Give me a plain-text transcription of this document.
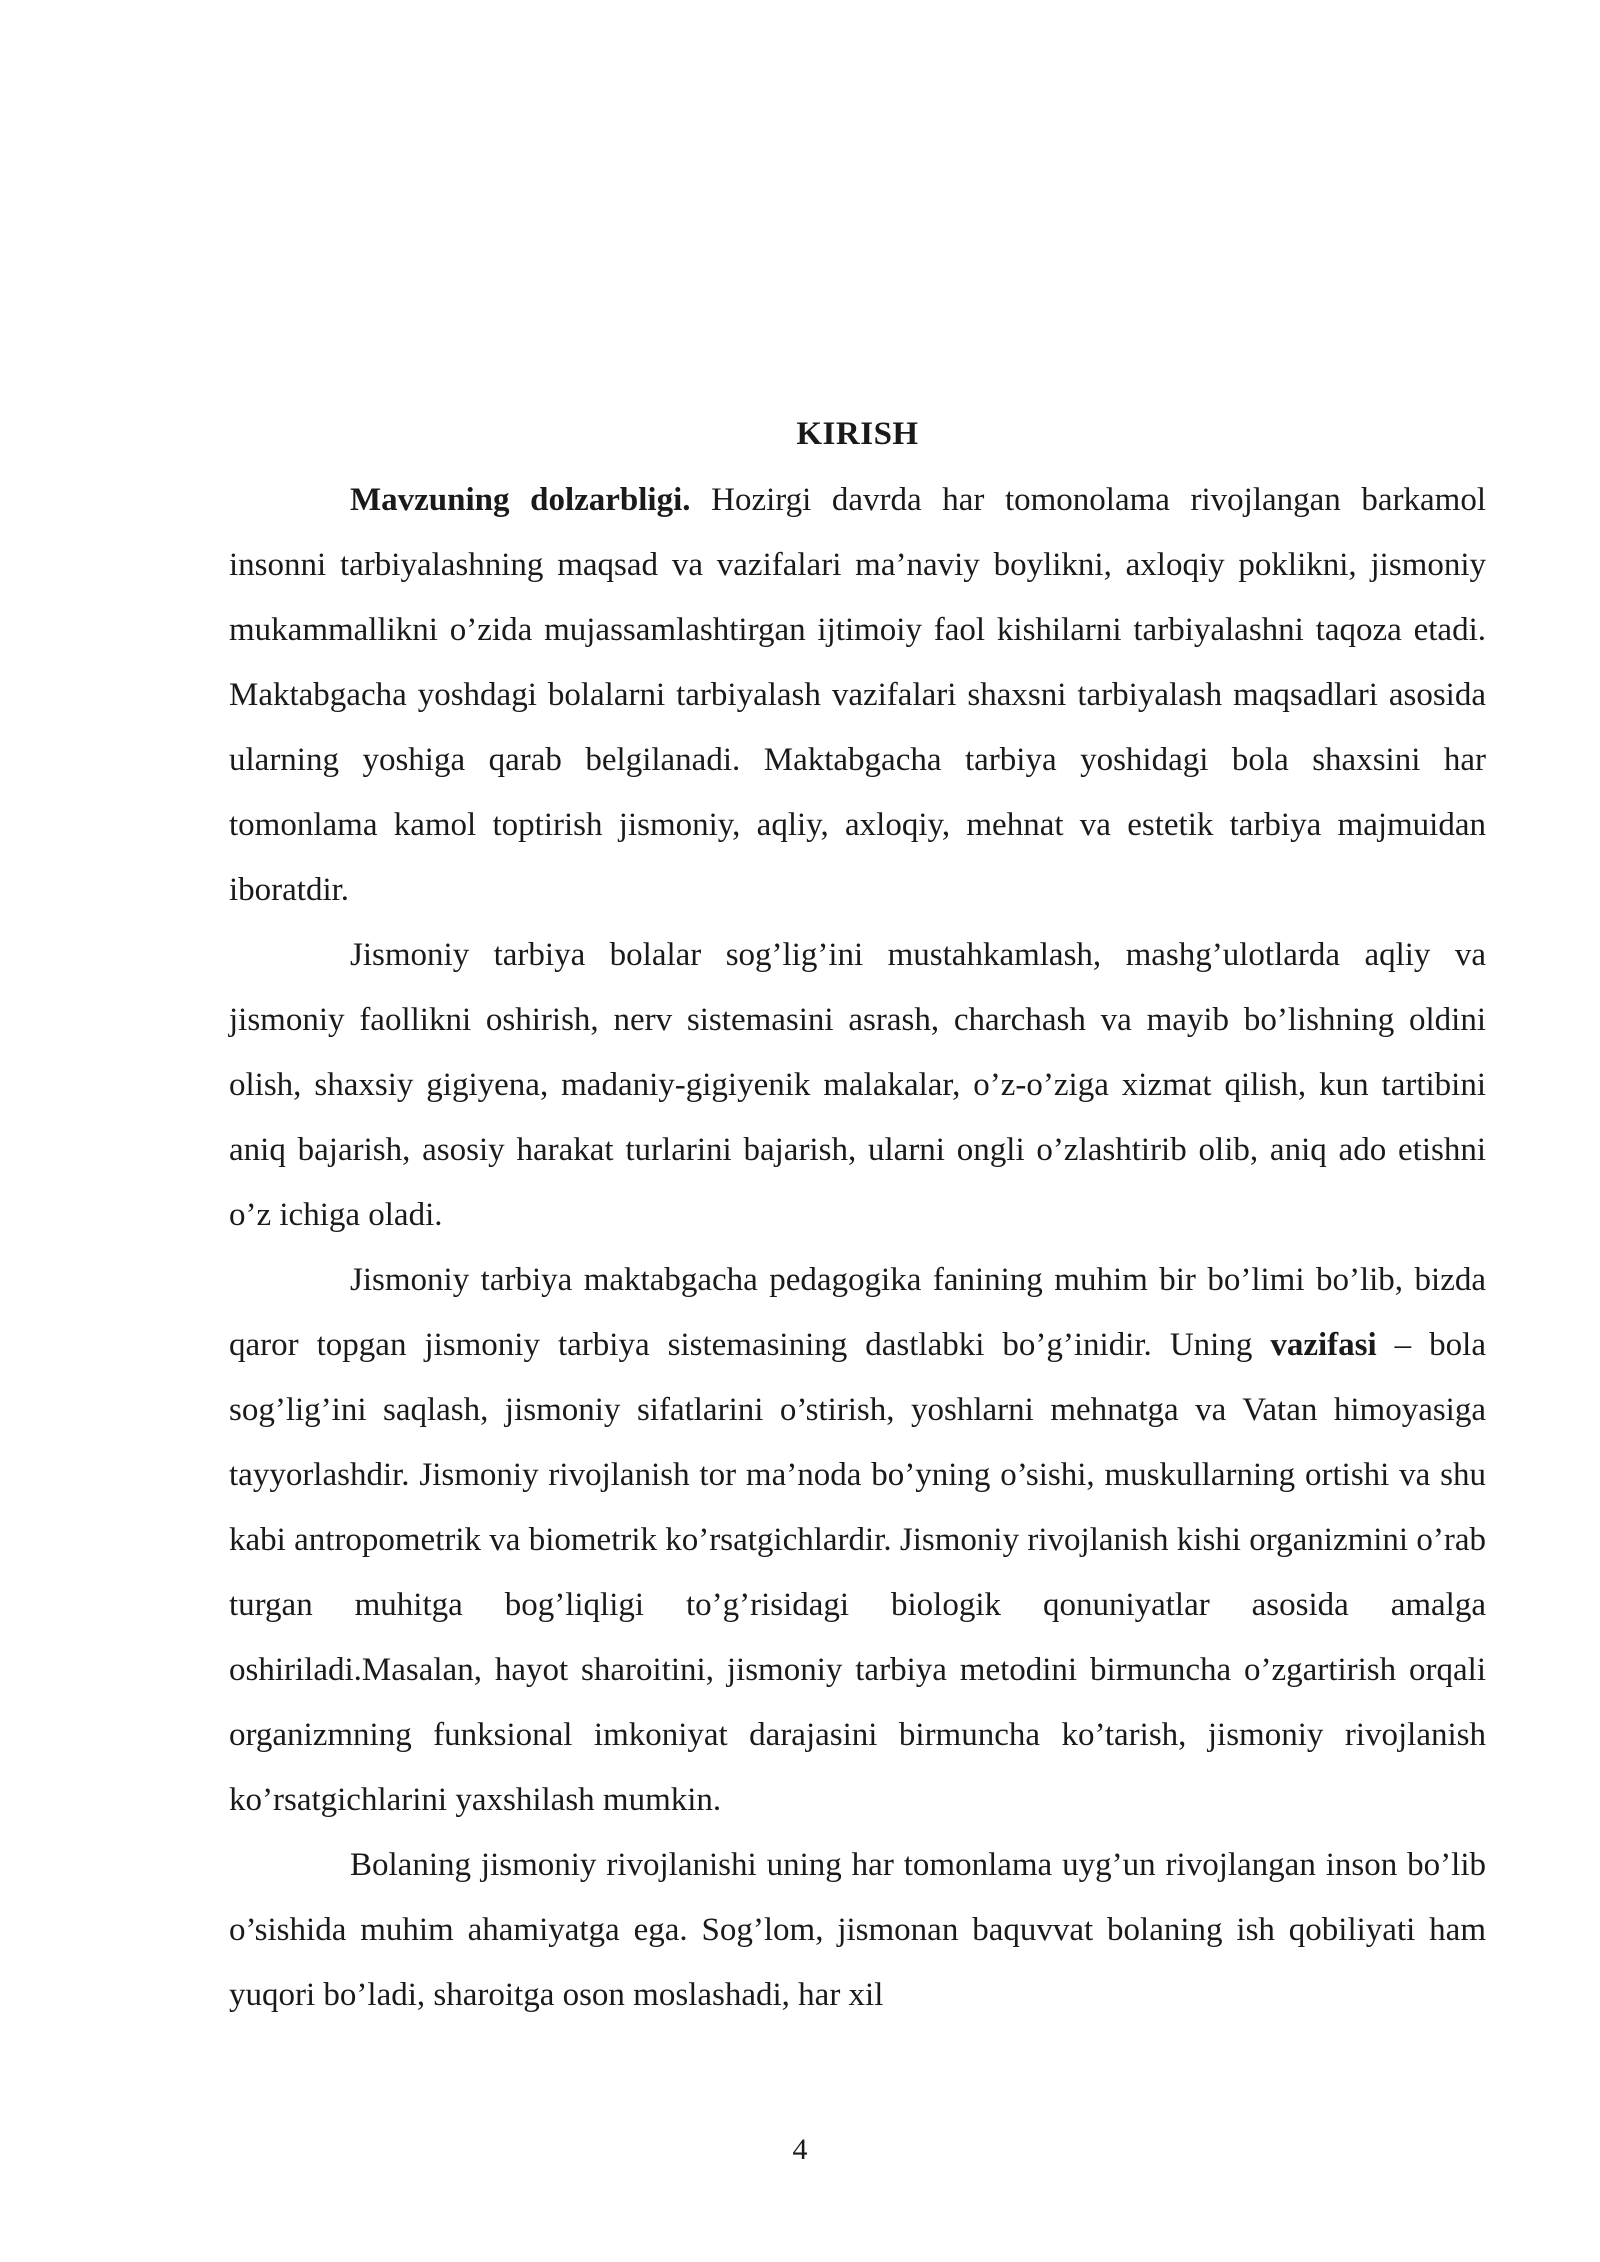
KIRISH

Mavzuning dolzarbligi. Hozirgi davrda har tomonolama rivojlangan barkamol insonni tarbiyalashning maqsad va vazifalari ma’naviy boylikni, axloqiy poklikni, jismoniy mukammallikni o’zida mujassamlashtirgan ijtimoiy faol kishilarni tarbiyalashni taqoza etadi. Maktabgacha yoshdagi bolalarni tarbiyalash vazifalari shaxsni tarbiyalash maqsadlari asosida ularning yoshiga qarab belgilanadi. Maktabgacha tarbiya yoshidagi bola shaxsini har tomonlama kamol toptirish jismoniy, aqliy, axloqiy, mehnat va estetik tarbiya majmuidan iboratdir.

Jismoniy tarbiya bolalar sog’lig’ini mustahkamlash, mashg’ulotlarda aqliy va jismoniy faollikni oshirish, nerv sistemasini asrash, charchash va mayib bo’lishning oldini olish, shaxsiy gigiyena, madaniy-gigiyenik malakalar, o’z-o’ziga xizmat qilish, kun tartibini aniq bajarish, asosiy harakat turlarini bajarish, ularni ongli o’zlashtirib olib, aniq ado etishni o’z ichiga oladi.

Jismoniy tarbiya maktabgacha pedagogika fanining muhim bir bo’limi bo’lib, bizda qaror topgan jismoniy tarbiya sistemasining dastlabki bo’g’inidir. Uning vazifasi – bola sog’lig’ini saqlash, jismoniy sifatlarini o’stirish, yoshlarni mehnatga va Vatan himoyasiga tayyorlashdir. Jismoniy rivojlanish tor ma’noda bo’yning o’sishi, muskullarning ortishi va shu kabi antropometrik va biometrik ko’rsatgichlardir. Jismoniy rivojlanish kishi organizmini o’rab turgan muhitga bog’liqligi to’g’risidagi biologik qonuniyatlar asosida amalga oshiriladi.Masalan, hayot sharoitini, jismoniy tarbiya metodini birmuncha o’zgartirish orqali organizmning funksional imkoniyat darajasini birmuncha ko’tarish, jismoniy rivojlanish ko’rsatgichlarini yaxshilash mumkin.

Bolaning jismoniy rivojlanishi uning har tomonlama uyg’un rivojlangan inson bo’lib o’sishida muhim ahamiyatga ega. Sog’lom, jismonan baquvvat bolaning ish qobiliyati ham yuqori bo’ladi, sharoitga oson moslashadi, har xil

4
